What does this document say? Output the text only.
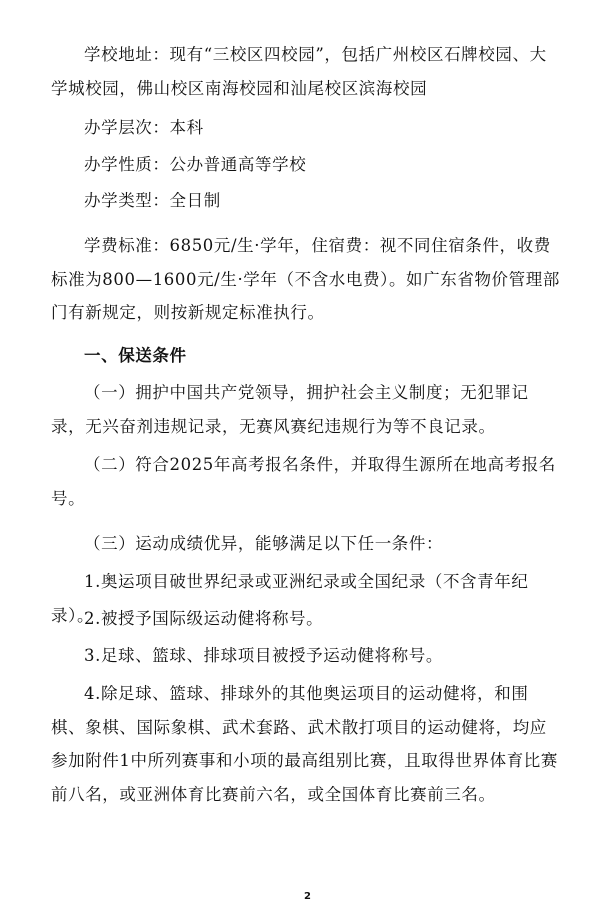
学校地址：现有“三校区四校园”，包括广州校区石牌校园、大学城校园，佛山校区南海校园和汕尾校区滨海校园

办学层次：本科

办学性质：公办普通高等学校

办学类型：全日制

学费标准：6850元/生·学年，住宿费：视不同住宿条件，收费标准为800—1600元/生·学年（不含水电费）。如广东省物价管理部门有新规定，则按新规定标准执行。

一、保送条件

（一）拥护中国共产党领导，拥护社会主义制度；无犯罪记录，无兴奋剂违规记录，无赛风赛纪违规行为等不良记录。

（二）符合2025年高考报名条件，并取得生源所在地高考报名号。

（三）运动成绩优异，能够满足以下任一条件：

1.奥运项目破世界纪录或亚洲纪录或全国纪录（不含青年纪录）。

2.被授予国际级运动健将称号。

3.足球、篮球、排球项目被授予运动健将称号。

4.除足球、篮球、排球外的其他奥运项目的运动健将，和围棋、象棋、国际象棋、武术套路、武术散打项目的运动健将，均应参加附件1中所列赛事和小项的最高组别比赛，且取得世界体育比赛前八名，或亚洲体育比赛前六名，或全国体育比赛前三名。

2
